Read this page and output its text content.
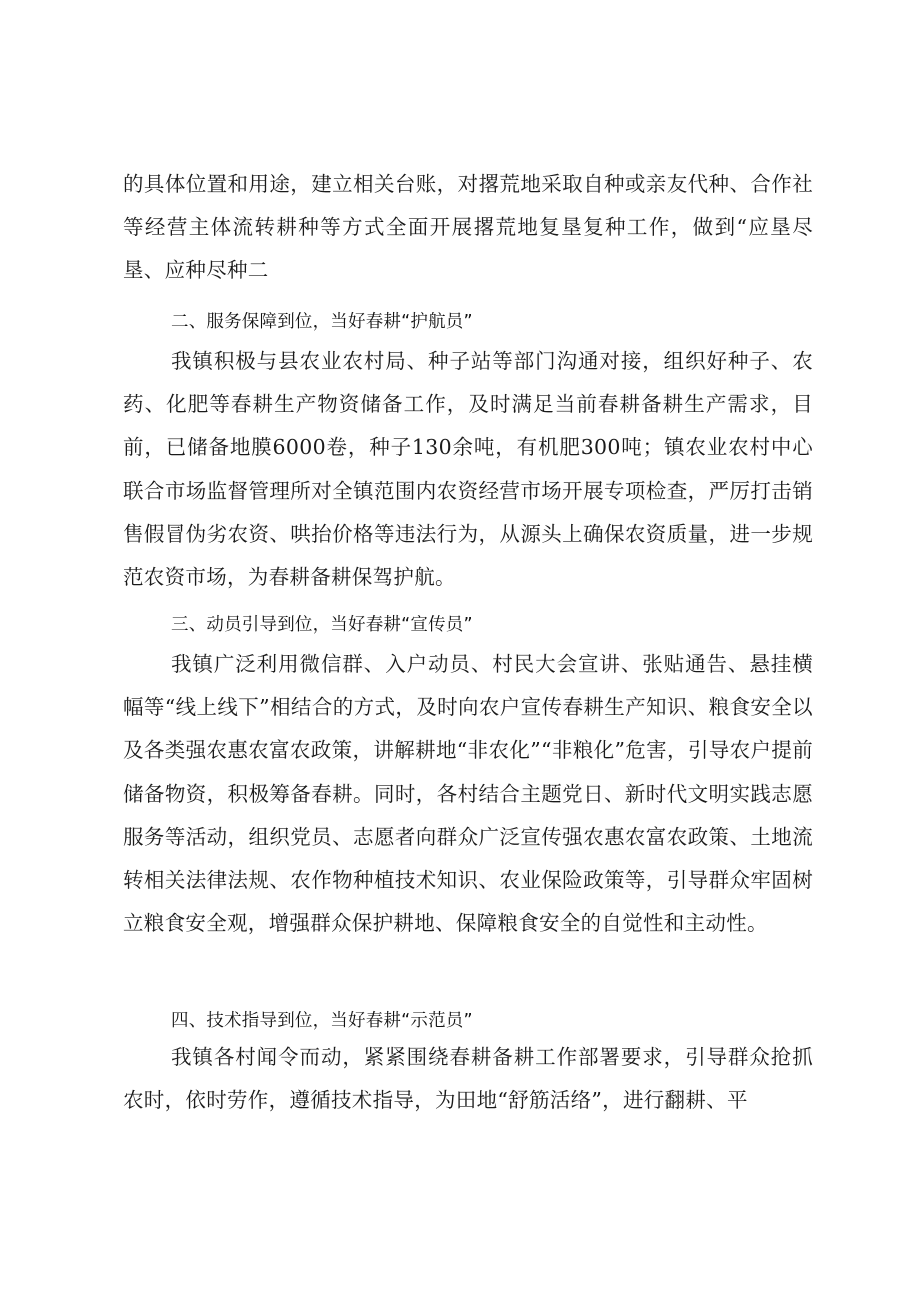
的具体位置和用途，建立相关台账，对撂荒地采取自种或亲友代种、合作社等经营主体流转耕种等方式全面开展撂荒地复垦复种工作，做到“应垦尽垦、应种尽种二

二、服务保障到位，当好春耕“护航员”

我镇积极与县农业农村局、种子站等部门沟通对接，组织好种子、农药、化肥等春耕生产物资储备工作，及时满足当前春耕备耕生产需求，目前，已储备地膜6000卷，种子130余吨，有机肥300吨；镇农业农村中心联合市场监督管理所对全镇范围内农资经营市场开展专项检查，严厉打击销售假冒伪劣农资、哄抬价格等违法行为，从源头上确保农资质量，进一步规范农资市场，为春耕备耕保驾护航。

三、动员引导到位，当好春耕“宣传员”

我镇广泛利用微信群、入户动员、村民大会宣讲、张贴通告、悬挂横幅等“线上线下”相结合的方式，及时向农户宣传春耕生产知识、粮食安全以及各类强农惠农富农政策，讲解耕地“非农化”“非粮化”危害，引导农户提前储备物资，积极筹备春耕。同时，各村结合主题党日、新时代文明实践志愿服务等活动，组织党员、志愿者向群众广泛宣传强农惠农富农政策、土地流转相关法律法规、农作物种植技术知识、农业保险政策等，引导群众牢固树立粮食安全观，增强群众保护耕地、保障粮食安全的自觉性和主动性。

四、技术指导到位，当好春耕“示范员”

我镇各村闻令而动，紧紧围绕春耕备耕工作部署要求，引导群众抢抓农时，依时劳作，遵循技术指导，为田地“舒筋活络”，进行翻耕、平
